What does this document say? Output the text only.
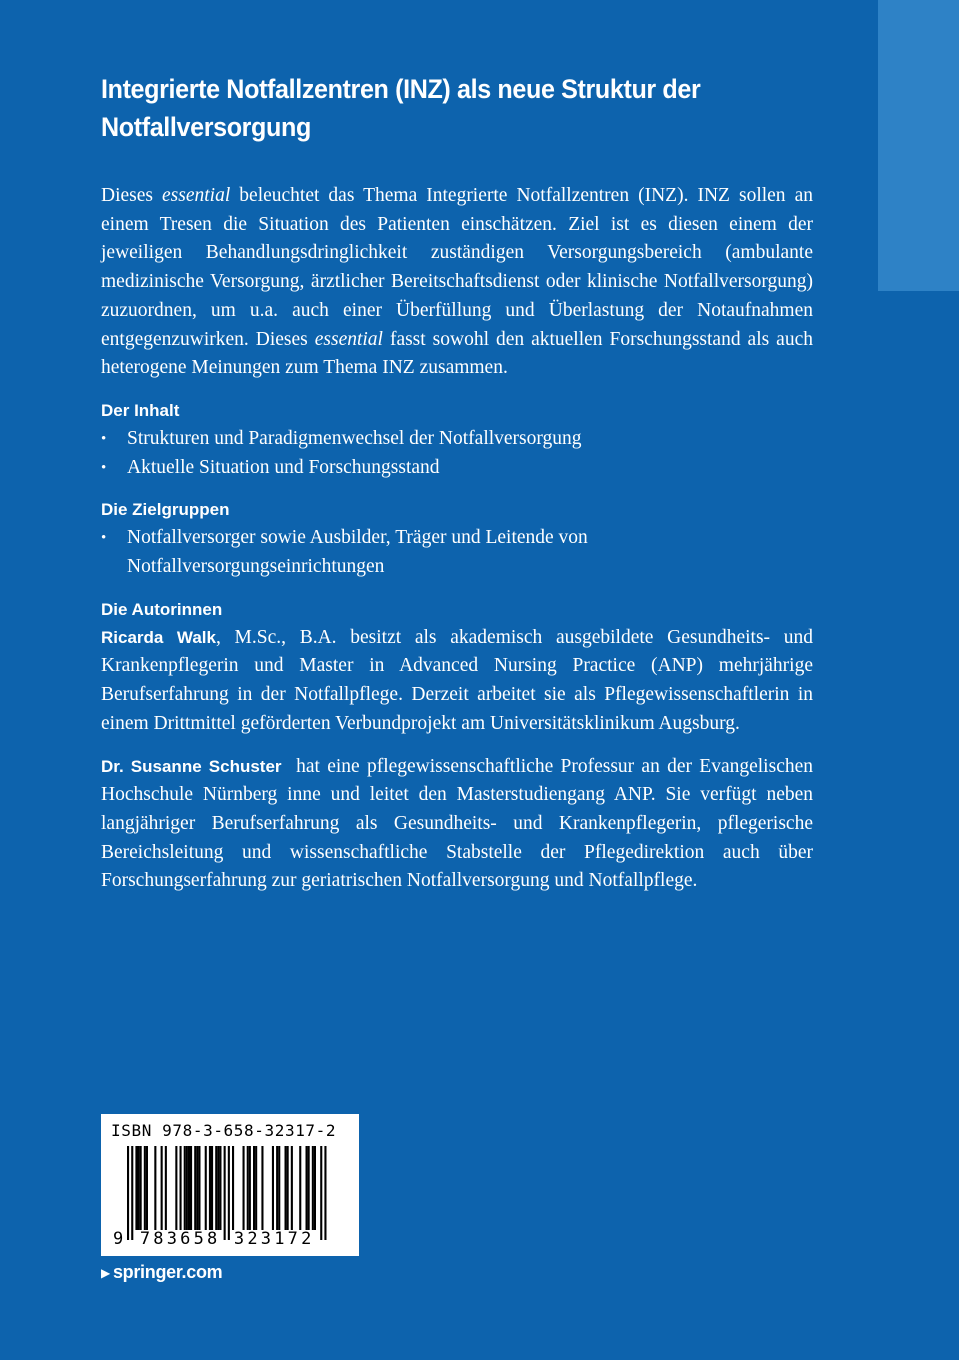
Integrierte Notfallzentren (INZ) als neue Struktur der
Notfallversorgung

Dieses essential beleuchtet das Thema Integrierte Notfallzentren (INZ). INZ sollen an einem Tresen die Situation des Patienten einschätzen. Ziel ist es diesen einem der jeweiligen Behandlungsdringlichkeit zuständigen Versorgungsbereich (ambulante medizinische Versorgung, ärztlicher Bereitschaftsdienst oder klinische Notfallversorgung) zuzuordnen, um u.a. auch einer Überfüllung und Überlastung der Notaufnahmen entgegenzuwirken. Dieses essential fasst sowohl den aktuellen Forschungsstand als auch heterogene Meinungen zum Thema INZ zusammen.

Der Inhalt
• Strukturen und Paradigmenwechsel der Notfallversorgung
• Aktuelle Situation und Forschungsstand
Die Zielgruppen
• Notfallversorger sowie Ausbilder, Träger und Leitende von Notfallversorgungseinrichtungen
Die Autorinnen

Ricarda Walk, M.Sc., B.A. besitzt als akademisch ausgebildete Gesundheits- und Krankenpflegerin und Master in Advanced Nursing Practice (ANP) mehrjährige Berufserfahrung in der Notfallpflege. Derzeit arbeitet sie als Pflegewissenschaftlerin in einem Drittmittel geförderten Verbundprojekt am Universitätsklinikum Augsburg.

Dr. Susanne Schuster  hat eine pflegewissenschaftliche Professur an der Evangelischen Hochschule Nürnberg inne und leitet den Masterstudiengang ANP. Sie verfügt neben langjähriger Berufserfahrung als Gesundheits- und Krankenpflegerin, pflegerische Bereichsleitung und wissenschaftliche Stabstelle der Pflegedirektion auch über Forschungserfahrung zur geriatrischen Notfallversorgung und Notfallpflege.

ISBN 978-3-658-32317-2
9 783658 323172
▶ springer.com
